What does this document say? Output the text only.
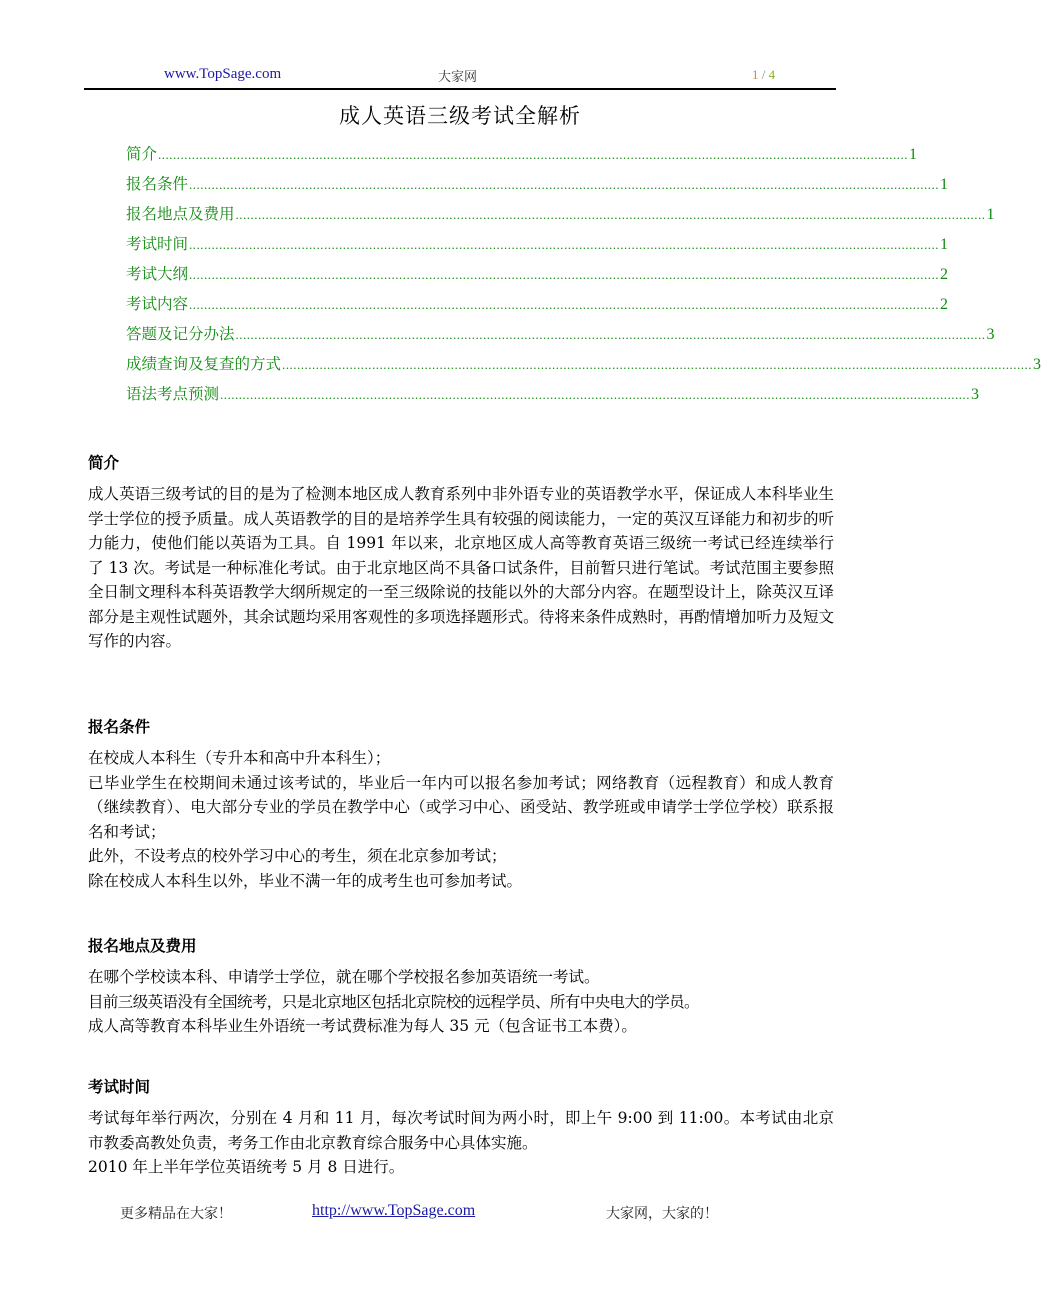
www.TopSage.com	大家网	1 / 4
成人英语三级考试全解析
简介 ........................................................................................................................................................................................................ 1
报名条件 ........................................................................................................................................................................................................ 1
报名地点及费用 ........................................................................................................................................................................................................ 1
考试时间 ........................................................................................................................................................................................................ 1
考试大纲 ........................................................................................................................................................................................................ 2
考试内容 ........................................................................................................................................................................................................ 2
答题及记分办法 ........................................................................................................................................................................................................ 3
成绩查询及复查的方式 ........................................................................................................................................................................................................ 3
语法考点预测 ........................................................................................................................................................................................................ 3
简介

成人英语三级考试的目的是为了检测本地区成人教育系列中非外语专业的英语教学水平，保证成人本科毕业生学士学位的授予质量。成人英语教学的目的是培养学生具有较强的阅读能力，一定的英汉互译能力和初步的听力能力，使他们能以英语为工具。自 1991 年以来，北京地区成人高等教育英语三级统一考试已经连续举行了 13 次。考试是一种标准化考试。由于北京地区尚不具备口试条件，目前暂只进行笔试。考试范围主要参照全日制文理科本科英语教学大纲所规定的一至三级除说的技能以外的大部分内容。在题型设计上，除英汉互译部分是主观性试题外，其余试题均采用客观性的多项选择题形式。待将来条件成熟时，再酌情增加听力及短文写作的内容。

报名条件

在校成人本科生（专升本和高中升本科生）；

已毕业学生在校期间未通过该考试的，毕业后一年内可以报名参加考试；网络教育（远程教育）和成人教育（继续教育）、电大部分专业的学员在教学中心（或学习中心、函受站、教学班或申请学士学位学校）联系报名和考试；

此外，不设考点的校外学习中心的考生，须在北京参加考试；

除在校成人本科生以外，毕业不满一年的成考生也可参加考试。

报名地点及费用

在哪个学校读本科、申请学士学位，就在哪个学校报名参加英语统一考试。

目前三级英语没有全国统考，只是北京地区包括北京院校的远程学员、所有中央电大的学员。

成人高等教育本科毕业生外语统一考试费标准为每人 35 元（包含证书工本费）。

考试时间

考试每年举行两次，分别在 4 月和 11 月，每次考试时间为两小时，即上午 9:00 到 11:00。本考试由北京市教委高教处负责，考务工作由北京教育综合服务中心具体实施。

2010 年上半年学位英语统考 5 月 8 日进行。

更多精品在大家！	http://www.TopSage.com	大家网，大家的！
